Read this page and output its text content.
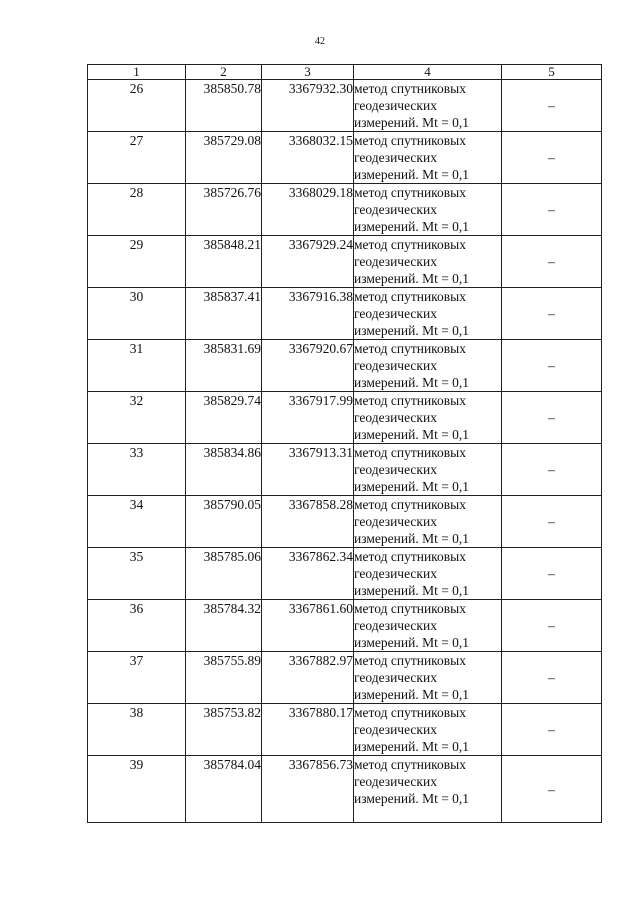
42
1	2	3	4	5
26	385850.78	3367932.30	метод спутниковых
геодезических
измерений. Mt = 0,1	–
27	385729.08	3368032.15	метод спутниковых
геодезических
измерений. Mt = 0,1	–
28	385726.76	3368029.18	метод спутниковых
геодезических
измерений. Mt = 0,1	–
29	385848.21	3367929.24	метод спутниковых
геодезических
измерений. Mt = 0,1	–
30	385837.41	3367916.38	метод спутниковых
геодезических
измерений. Mt = 0,1	–
31	385831.69	3367920.67	метод спутниковых
геодезических
измерений. Mt = 0,1	–
32	385829.74	3367917.99	метод спутниковых
геодезических
измерений. Mt = 0,1	–
33	385834.86	3367913.31	метод спутниковых
геодезических
измерений. Mt = 0,1	–
34	385790.05	3367858.28	метод спутниковых
геодезических
измерений. Mt = 0,1	–
35	385785.06	3367862.34	метод спутниковых
геодезических
измерений. Mt = 0,1	–
36	385784.32	3367861.60	метод спутниковых
геодезических
измерений. Mt = 0,1	–
37	385755.89	3367882.97	метод спутниковых
геодезических
измерений. Mt = 0,1	–
38	385753.82	3367880.17	метод спутниковых
геодезических
измерений. Mt = 0,1	–
39	385784.04	3367856.73	метод спутниковых
геодезических
измерений. Mt = 0,1	–
